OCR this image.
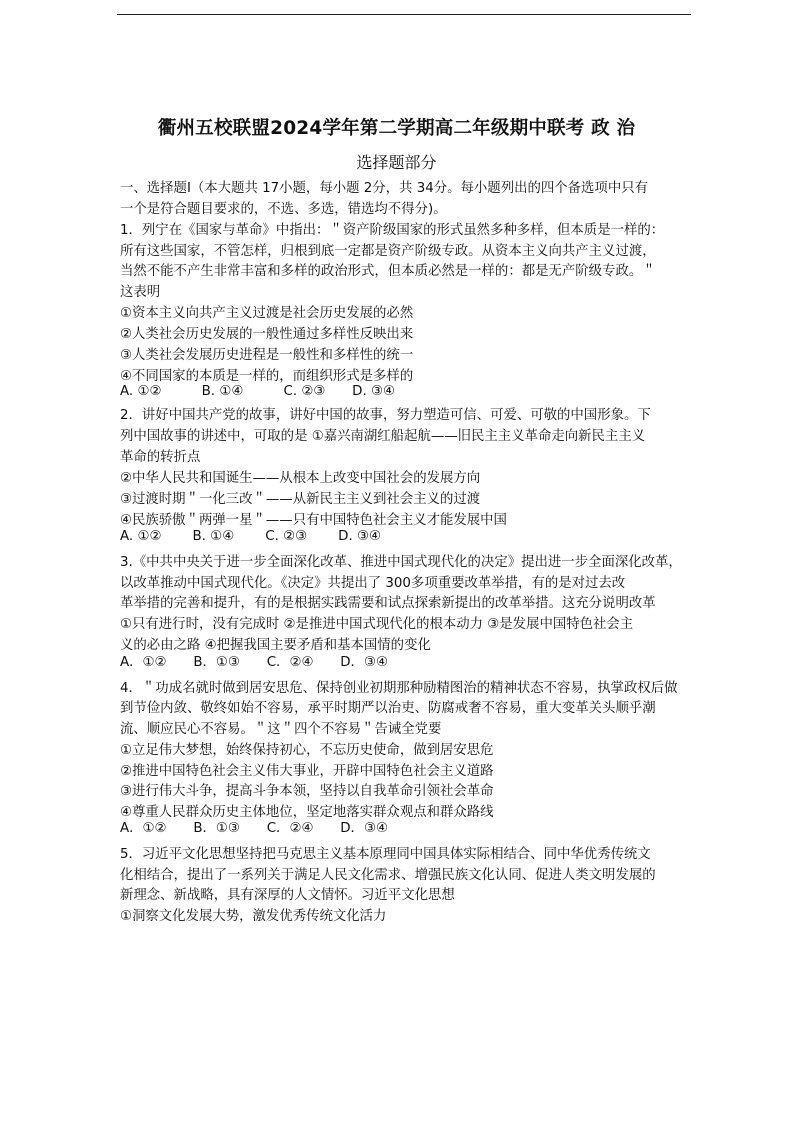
衢州五校联盟2024学年第二学期高二年级期中联考 政 治
选择题部分
一、选择题Ⅰ（本大题共 17小题，每小题 2分，共 34分。每小题列出的四个备选项中只有
一个是符合题目要求的，不选、多选，错选均不得分)。
1．列宁在《国家与革命》中指出：＂资产阶级国家的形式虽然多种多样，但本质是一样的：
所有这些国家，不管怎样，归根到底一定都是资产阶级专政。从资本主义向共产主义过渡，
当然不能不产生非常丰富和多样的政治形式，但本质必然是一样的：都是无产阶级专政。＂
这表明
①资本主义向共产主义过渡是社会历史发展的必然
②人类社会历史发展的一般性通过多样性反映出来
③人类社会发展历史进程是一般性和多样性的统一
④不同国家的本质是一样的，而组织形式是多样的
A. ①②　　　B. ①④　　　C. ②③　　D. ③④
2．讲好中国共产党的故事，讲好中国的故事，努力塑造可信、可爱、可敬的中国形象。下
列中国故事的讲述中，可取的是 ①嘉兴南湖红船起航——旧民主主义革命走向新民主主义
革命的转折点
②中华人民共和国诞生——从根本上改变中国社会的发展方向
③过渡时期＂一化三改＂——从新民主主义到社会主义的过渡
④民族骄傲＂两弹一星＂——只有中国特色社会主义才能发展中国
A. ①②　　 B. ①④　　 C. ②③　　 D. ③④
3.《中共中央关于进一步全面深化改革、推进中国式现代化的决定》提出进一步全面深化改革，
以改革推动中国式现代化。《决定》共提出了 300多项重要改革举措，有的是对过去改
革举措的完善和提升，有的是根据实践需要和试点探索新提出的改革举措。这充分说明改革
①只有进行时，没有完成时 ②是推进中国式现代化的根本动力 ③是发展中国特色社会主
义的必由之路 ④把握我国主要矛盾和基本国情的变化
A．①②　　B．①③　　C．②④　　D．③④
4．＂功成名就时做到居安思危、保持创业初期那种励精图治的精神状态不容易，执掌政权后做
到节俭内敛、敬终如始不容易，承平时期严以治吏、防腐戒奢不容易，重大变革关头顺乎潮
流、顺应民心不容易。＂这＂四个不容易＂告诫全党要
①立足伟大梦想，始终保持初心，不忘历史使命，做到居安思危
②推进中国特色社会主义伟大事业，开辟中国特色社会主义道路
③进行伟大斗争，提高斗争本领，坚持以自我革命引领社会革命
④尊重人民群众历史主体地位，坚定地落实群众观点和群众路线
A．①②　　B．①③　　C．②④　　D．③④
5．习近平文化思想坚持把马克思主义基本原理同中国具体实际相结合、同中华优秀传统文
化相结合，提出了一系列关于满足人民文化需求、增强民族文化认同、促进人类文明发展的
新理念、新战略，具有深厚的人文情怀。习近平文化思想
①洞察文化发展大势，激发优秀传统文化活力
